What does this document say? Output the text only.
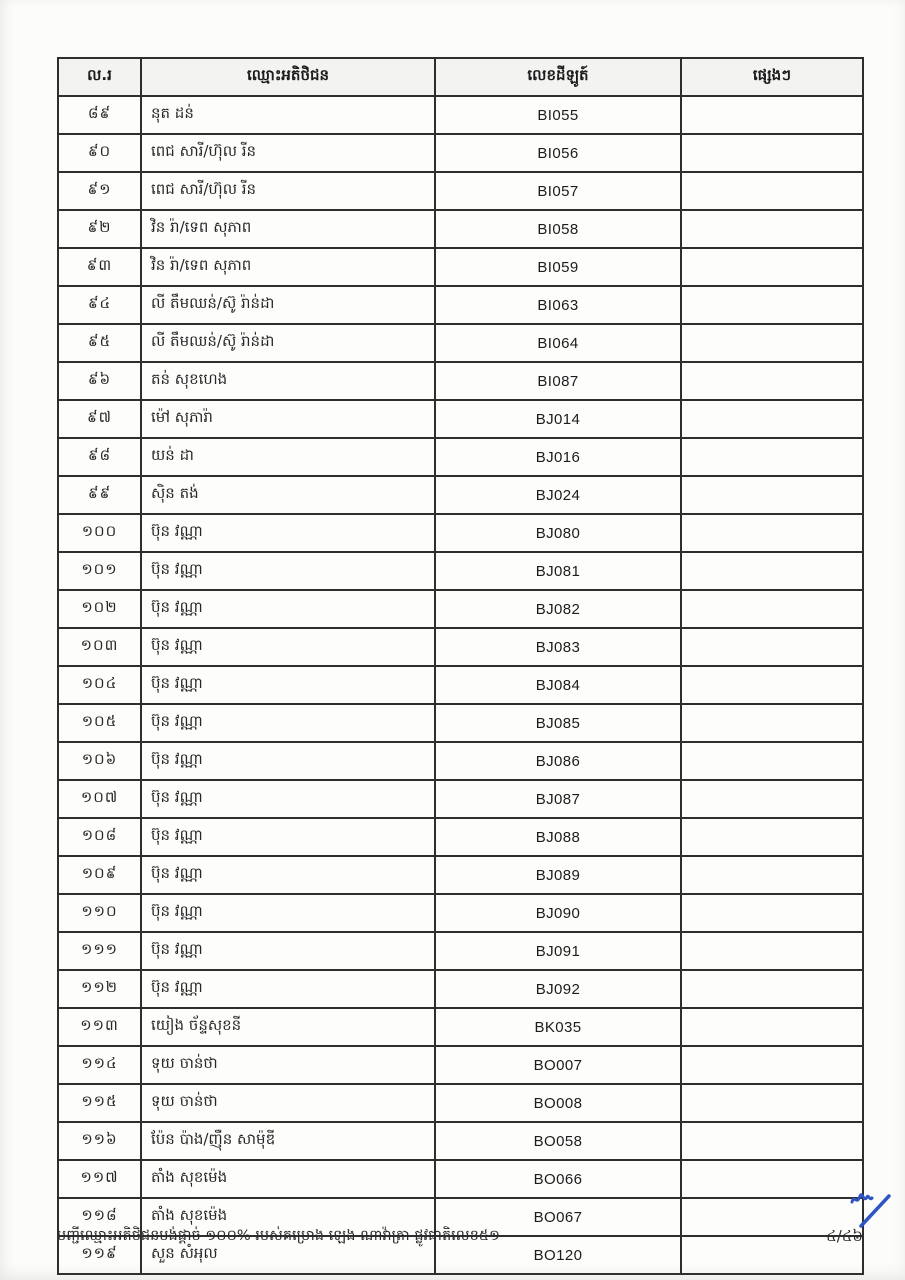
ល.រ	ឈ្មោះអតិថិជន	លេខដីឡូត៍	ផ្សេងៗ
៨៩	នុត ដន់	BI055	
៩០	ពេជ សារី/ហ៊ុល រីន	BI056	
៩១	ពេជ សារី/ហ៊ុល រីន	BI057	
៩២	វិន រ៉ា/ទេព សុភាព	BI058	
៩៣	វិន រ៉ា/ទេព សុភាព	BI059	
៩៤	លី តឹមឈន់/ស៊ូ រ៉ាន់ដា	BI063	
៩៥	លី តឹមឈន់/ស៊ូ រ៉ាន់ដា	BI064	
៩៦	តន់ សុខហេង	BI087	
៩៧	ម៉ៅ សុភារ៉ា	BJ014	
៩៨	យន់ ដា	BJ016	
៩៩	ស៊ិន តង់	BJ024	
១០០	ប៊ុន វណ្ណា	BJ080	
១០១	ប៊ុន វណ្ណា	BJ081	
១០២	ប៊ុន វណ្ណា	BJ082	
១០៣	ប៊ុន វណ្ណា	BJ083	
១០៤	ប៊ុន វណ្ណា	BJ084	
១០៥	ប៊ុន វណ្ណា	BJ085	
១០៦	ប៊ុន វណ្ណា	BJ086	
១០៧	ប៊ុន វណ្ណា	BJ087	
១០៨	ប៊ុន វណ្ណា	BJ088	
១០៩	ប៊ុន វណ្ណា	BJ089	
១១០	ប៊ុន វណ្ណា	BJ090	
១១១	ប៊ុន វណ្ណា	BJ091	
១១២	ប៊ុន វណ្ណា	BJ092	
១១៣	យៀង ច័ន្ទសុខនី	BK035	
១១៤	ទុយ ចាន់ថា	BO007	
១១៥	ទុយ ចាន់ថា	BO008	
១១៦	ប៉ែន ប៉ាង/ញ៉ឺន សាម៉ុឌី	BO058	
១១៧	តាំង សុខម៉េង	BO066	
១១៨	តាំង សុខម៉េង	BO067	
១១៩	សួន សំអុល	BO120	
បញ្ជីឈ្មោះអតិថិជនបង់ផ្តាច់ ១០០% របស់គម្រោង ឡេង ណាវ៉ាត្រា ផ្លូវជាតិលេខ៥១	៤/៤៦
